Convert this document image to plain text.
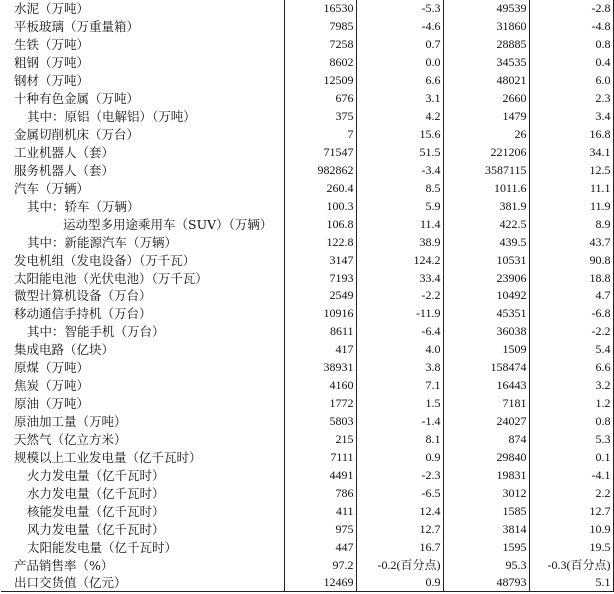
水泥（万吨）	16530	-5.3	49539	-2.8
平板玻璃（万重量箱）	7985	-4.6	31860	-4.8
生铁（万吨）	7258	0.7	28885	0.8
粗钢（万吨）	8602	0.0	34535	0.4
钢材（万吨）	12509	6.6	48021	6.0
十种有色金属（万吨）	676	3.1	2660	2.3
其中：原铝（电解铝）（万吨）	375	4.2	1479	3.4
金属切削机床（万台）	7	15.6	26	16.8
工业机器人（套）	71547	51.5	221206	34.1
服务机器人（套）	982862	-3.4	3587115	12.5
汽车（万辆）	260.4	8.5	1011.6	11.1
其中：轿车（万辆）	100.3	5.9	381.9	11.9
运动型多用途乘用车（SUV）（万辆）	106.8	11.4	422.5	8.9
其中：新能源汽车（万辆）	122.8	38.9	439.5	43.7
发电机组（发电设备）（万千瓦）	3147	124.2	10531	90.8
太阳能电池（光伏电池）（万千瓦）	7193	33.4	23906	18.8
微型计算机设备（万台）	2549	-2.2	10492	4.7
移动通信手持机（万台）	10916	-11.9	45351	-6.8
其中：智能手机（万台）	8611	-6.4	36038	-2.2
集成电路（亿块）	417	4.0	1509	5.4
原煤（万吨）	38931	3.8	158474	6.6
焦炭（万吨）	4160	7.1	16443	3.2
原油（万吨）	1772	1.5	7181	1.2
原油加工量（万吨）	5803	-1.4	24027	0.8
天然气（亿立方米）	215	8.1	874	5.3
规模以上工业发电量（亿千瓦时）	7111	0.9	29840	0.1
火力发电量（亿千瓦时）	4491	-2.3	19831	-4.1
水力发电量（亿千瓦时）	786	-6.5	3012	2.2
核能发电量（亿千瓦时）	411	12.4	1585	12.7
风力发电量（亿千瓦时）	975	12.7	3814	10.9
太阳能发电量（亿千瓦时）	447	16.7	1595	19.5
产品销售率（%）	97.2	-0.2(百分点)	95.3	-0.3(百分点)
出口交货值（亿元）	12469	0.9	48793	5.1
